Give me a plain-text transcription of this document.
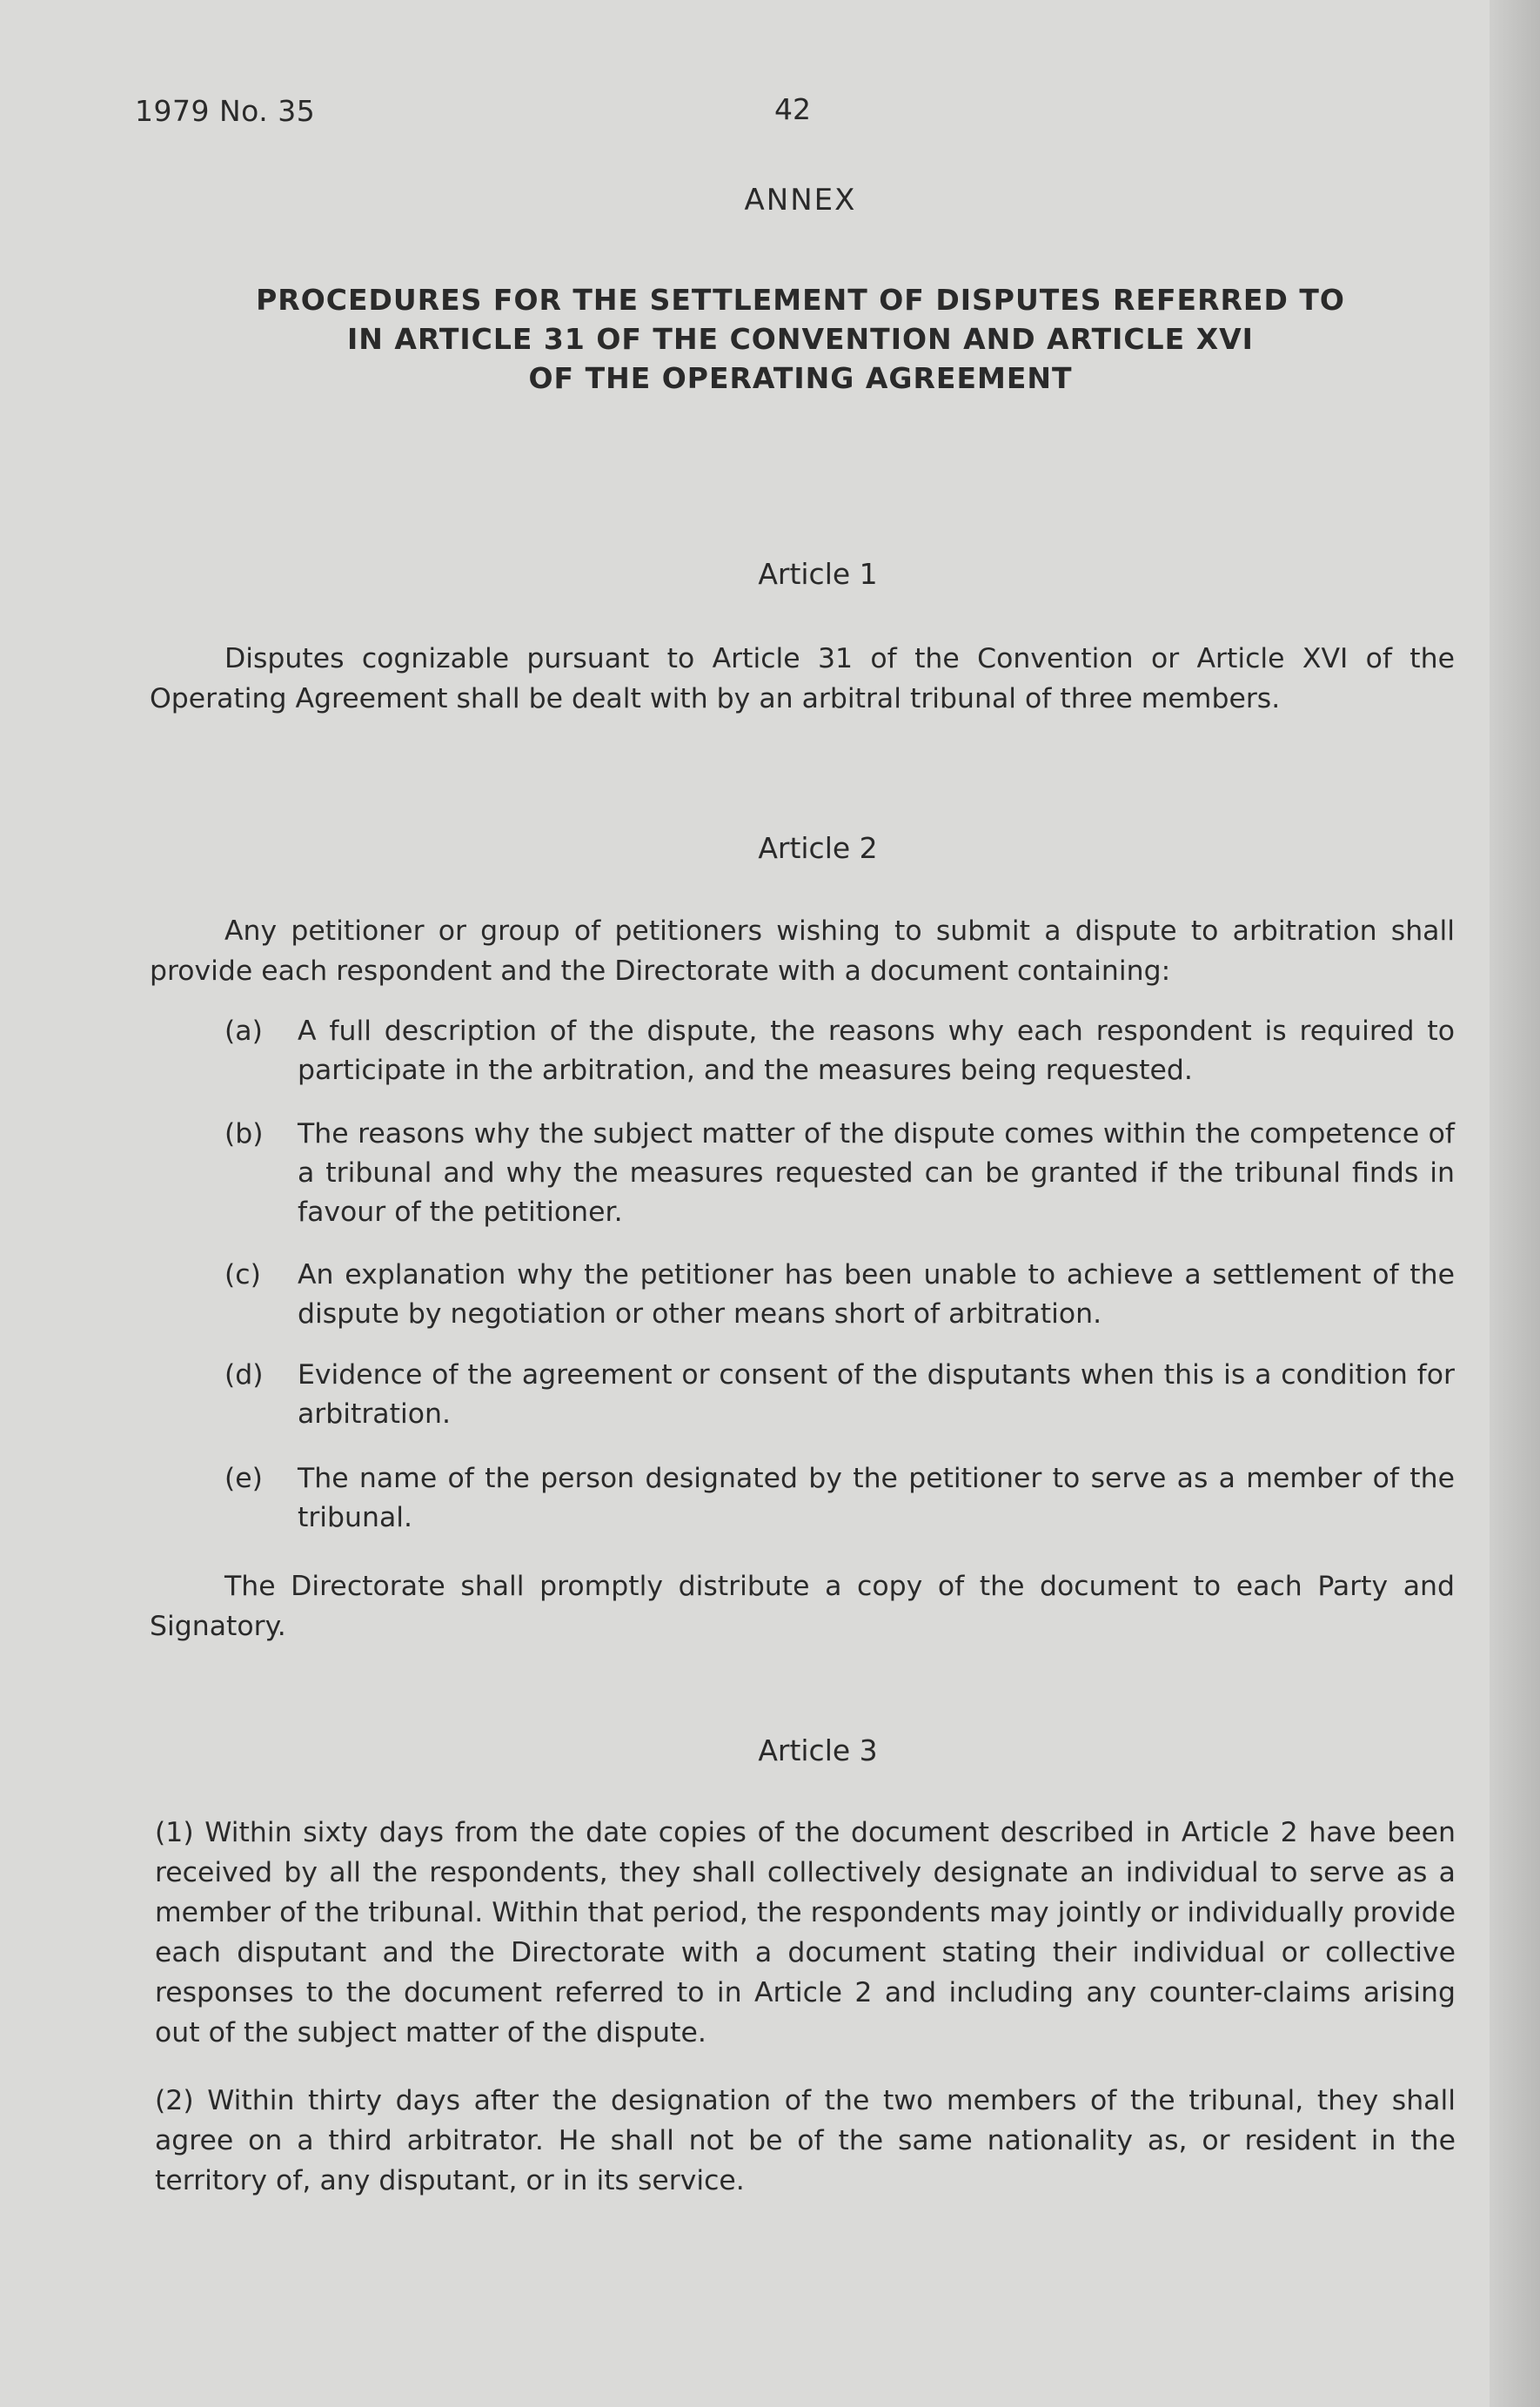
1979 No. 35	42
ANNEX
PROCEDURES FOR THE SETTLEMENT OF DISPUTES REFERRED TO
IN ARTICLE 31 OF THE CONVENTION AND ARTICLE XVI
OF THE OPERATING AGREEMENT
Article 1
Disputes cognizable pursuant to Article 31 of the Convention or Article XVI of the Operating Agreement shall be dealt with by an arbitral tribunal of three members.
Article 2
Any petitioner or group of petitioners wishing to submit a dispute to arbitration shall provide each respondent and the Directorate with a document containing:
(a) A full description of the dispute, the reasons why each respondent is required to participate in the arbitration, and the measures being requested.
(b) The reasons why the subject matter of the dispute comes within the competence of a tribunal and why the measures requested can be granted if the tribunal finds in favour of the petitioner.
(c) An explanation why the petitioner has been unable to achieve a settlement of the dispute by negotiation or other means short of arbitration.
(d) Evidence of the agreement or consent of the disputants when this is a condition for arbitration.
(e) The name of the person designated by the petitioner to serve as a member of the tribunal.
The Directorate shall promptly distribute a copy of the document to each Party and Signatory.
Article 3
(1) Within sixty days from the date copies of the document described in Article 2 have been received by all the respondents, they shall collectively designate an individual to serve as a member of the tribunal. Within that period, the respondents may jointly or individually provide each disputant and the Directorate with a document stating their individual or collective responses to the document referred to in Article 2 and including any counter-claims arising out of the subject matter of the dispute.
(2) Within thirty days after the designation of the two members of the tribunal, they shall agree on a third arbitrator. He shall not be of the same nationality as, or resident in the territory of, any disputant, or in its service.
